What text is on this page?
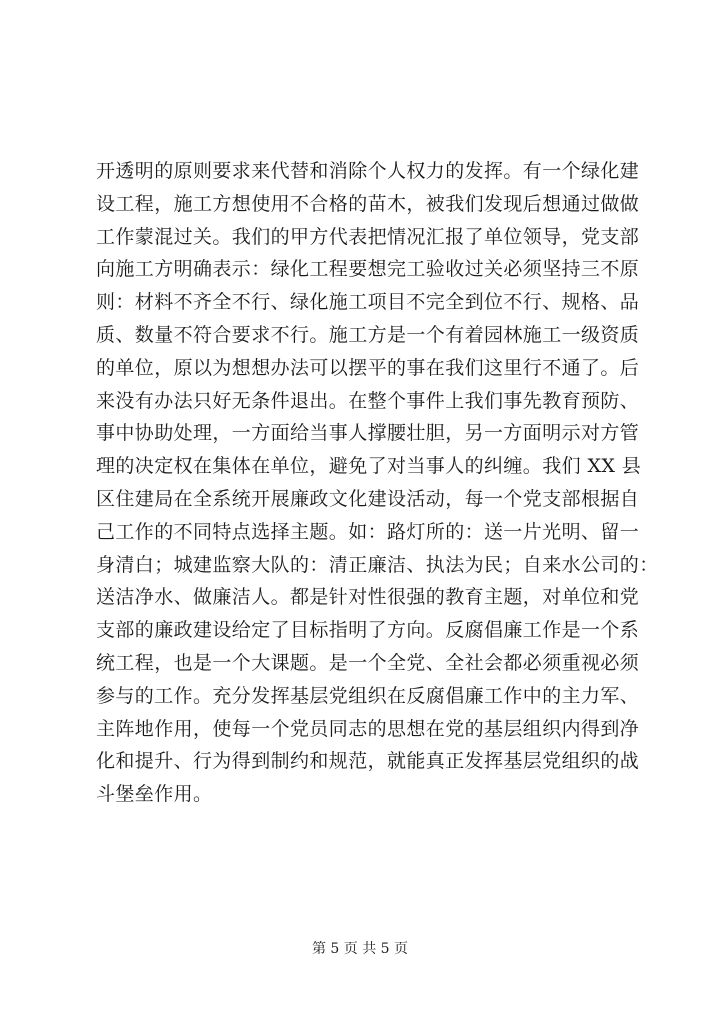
开透明的原则要求来代替和消除个人权力的发挥。有一个绿化建
设工程，施工方想使用不合格的苗木，被我们发现后想通过做做
工作蒙混过关。我们的甲方代表把情况汇报了单位领导，党支部
向施工方明确表示：绿化工程要想完工验收过关必须坚持三不原
则：材料不齐全不行、绿化施工项目不完全到位不行、规格、品
质、数量不符合要求不行。施工方是一个有着园林施工一级资质
的单位，原以为想想办法可以摆平的事在我们这里行不通了。后
来没有办法只好无条件退出。在整个事件上我们事先教育预防、
事中协助处理，一方面给当事人撑腰壮胆，另一方面明示对方管
理的决定权在集体在单位，避免了对当事人的纠缠。我们 XX 县
区住建局在全系统开展廉政文化建设活动，每一个党支部根据自
己工作的不同特点选择主题。如：路灯所的：送一片光明、留一
身清白；城建监察大队的：清正廉洁、执法为民；自来水公司的：
送洁净水、做廉洁人。都是针对性很强的教育主题，对单位和党
支部的廉政建设给定了目标指明了方向。反腐倡廉工作是一个系
统工程，也是一个大课题。是一个全党、全社会都必须重视必须
参与的工作。充分发挥基层党组织在反腐倡廉工作中的主力军、
主阵地作用，使每一个党员同志的思想在党的基层组织内得到净
化和提升、行为得到制约和规范，就能真正发挥基层党组织的战
斗堡垒作用。
第 5 页 共 5 页
